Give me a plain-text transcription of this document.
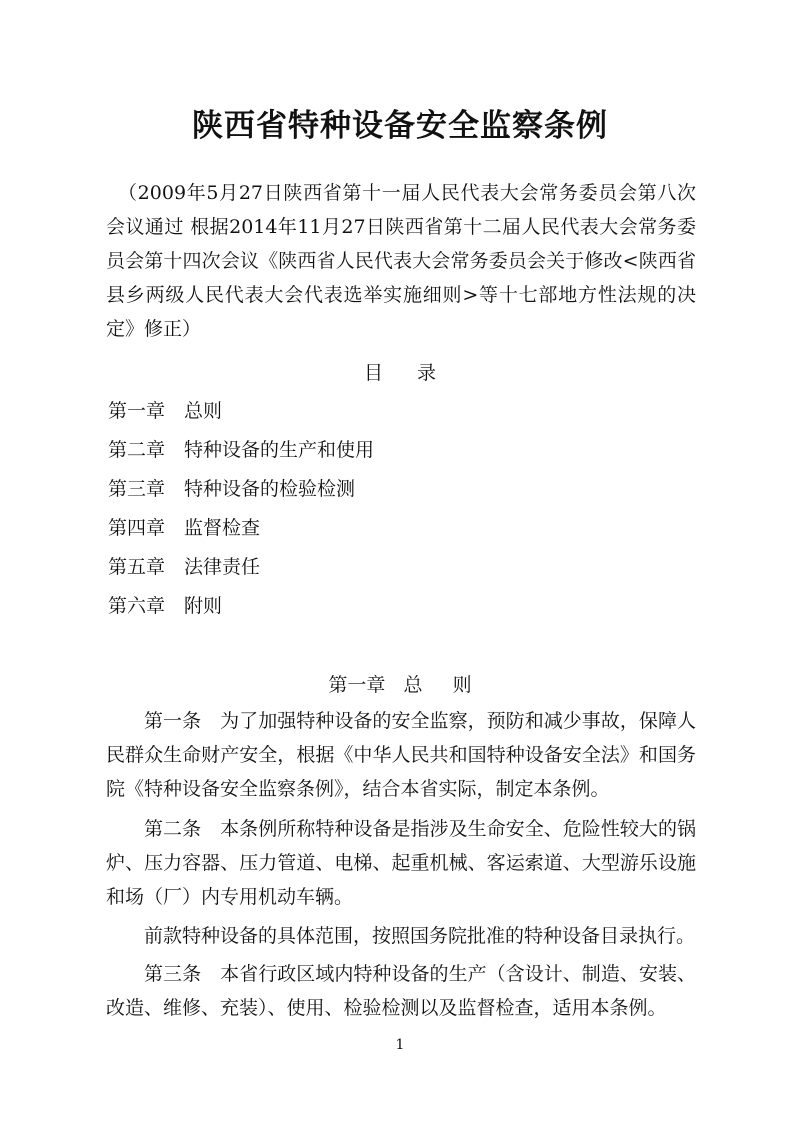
陕西省特种设备安全监察条例
（2009年5月27日陕西省第十一届人民代表大会常务委员会第八次会议通过 根据2014年11月27日陕西省第十二届人民代表大会常务委员会第十四次会议《陕西省人民代表大会常务委员会关于修改<陕西省县乡两级人民代表大会代表选举实施细则>等十七部地方性法规的决定》修正）
目 录
第一章 总则
第二章 特种设备的生产和使用
第三章 特种设备的检验检测
第四章 监督检查
第五章 法律责任
第六章 附则
第一章   总     则
第一条　为了加强特种设备的安全监察，预防和减少事故，保障人民群众生命财产安全，根据《中华人民共和国特种设备安全法》和国务院《特种设备安全监察条例》，结合本省实际，制定本条例。
第二条　本条例所称特种设备是指涉及生命安全、危险性较大的锅炉、压力容器、压力管道、电梯、起重机械、客运索道、大型游乐设施和场（厂）内专用机动车辆。
前款特种设备的具体范围，按照国务院批准的特种设备目录执行。
第三条　本省行政区域内特种设备的生产（含设计、制造、安装、改造、维修、充装）、使用、检验检测以及监督检查，适用本条例。
1
